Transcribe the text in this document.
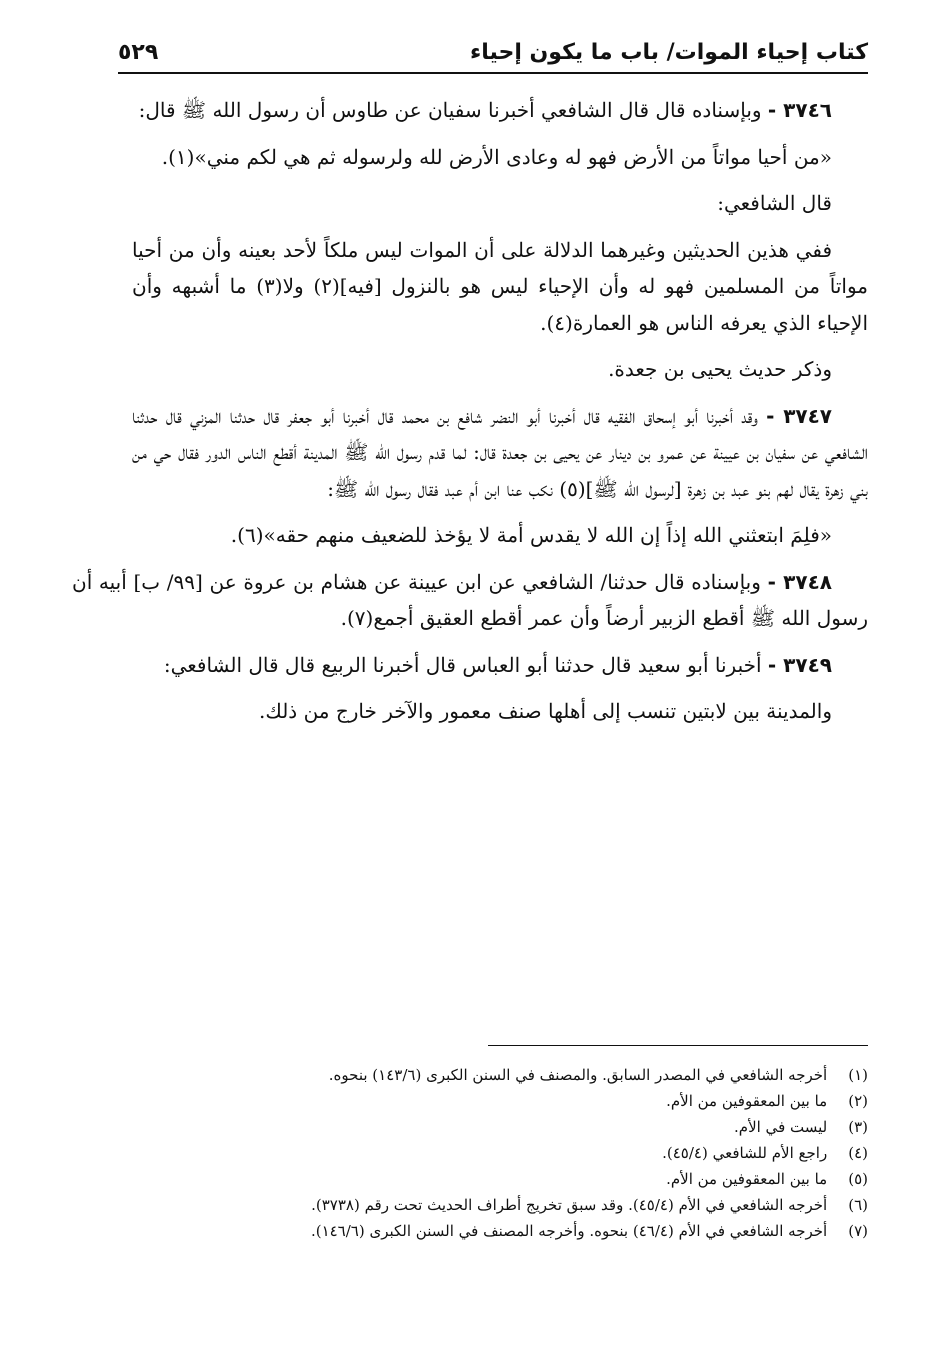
كتاب إحياء الموات/ باب ما يكون إحياء
٥٢٩

٣٧٤٦ - وبإسناده قال قال الشافعي أخبرنا سفيان عن طاوس أن رسول الله ﷺ قال:

«من أحيا مواتاً من الأرض فهو له وعادى الأرض لله ولرسوله ثم هي لكم مني»(١).

قال الشافعي:

ففي هذين الحديثين وغيرهما الدلالة على أن الموات ليس ملكاً لأحد بعينه وأن من أحيا مواتاً من المسلمين فهو له وأن الإحياء ليس هو بالنزول [فيه](٢) ولا(٣) ما أشبهه وأن الإحياء الذي يعرفه الناس هو العمارة(٤).

وذكر حديث يحيى بن جعدة.

٣٧٤٧ - وقد أخبرنا أبو إسحاق الفقيه قال أخبرنا أبو النضر شافع بن محمد قال أخبرنا أبو جعفر قال حدثنا المزني قال حدثنا الشافعي عن سفيان بن عيينة عن عمرو بن دينار عن يحيى بن جعدة قال: لما قدم رسول الله ﷺ المدينة أقطع الناس الدور فقال حي من بني زهرة يقال لهم بنو عبد بن زهرة [لرسول الله ﷺ](٥) نكب عنا ابن أم عبد فقال رسول الله ﷺ:

«فلِمَ ابتعثني الله إذاً إن الله لا يقدس أمة لا يؤخذ للضعيف منهم حقه»(٦).

٣٧٤٨ - وبإسناده قال حدثنا/ الشافعي عن ابن عيينة عن هشام بن عروة عن [٩٩/ ب] أبيه أن رسول الله ﷺ أقطع الزبير أرضاً وأن عمر أقطع العقيق أجمع(٧).

٣٧٤٩ - أخبرنا أبو سعيد قال حدثنا أبو العباس قال أخبرنا الربيع قال قال الشافعي:

والمدينة بين لابتين تنسب إلى أهلها صنف معمور والآخر خارج من ذلك.

(١) أخرجه الشافعي في المصدر السابق. والمصنف في السنن الكبرى (١٤٣/٦) بنحوه.
(٢) ما بين المعقوفين من الأم.
(٣) ليست في الأم.
(٤) راجع الأم للشافعي (٤٥/٤).
(٥) ما بين المعقوفين من الأم.
(٦) أخرجه الشافعي في الأم (٤٥/٤). وقد سبق تخريج أطراف الحديث تحت رقم (٣٧٣٨).
(٧) أخرجه الشافعي في الأم (٤٦/٤) بنحوه. وأخرجه المصنف في السنن الكبرى (١٤٦/٦).
